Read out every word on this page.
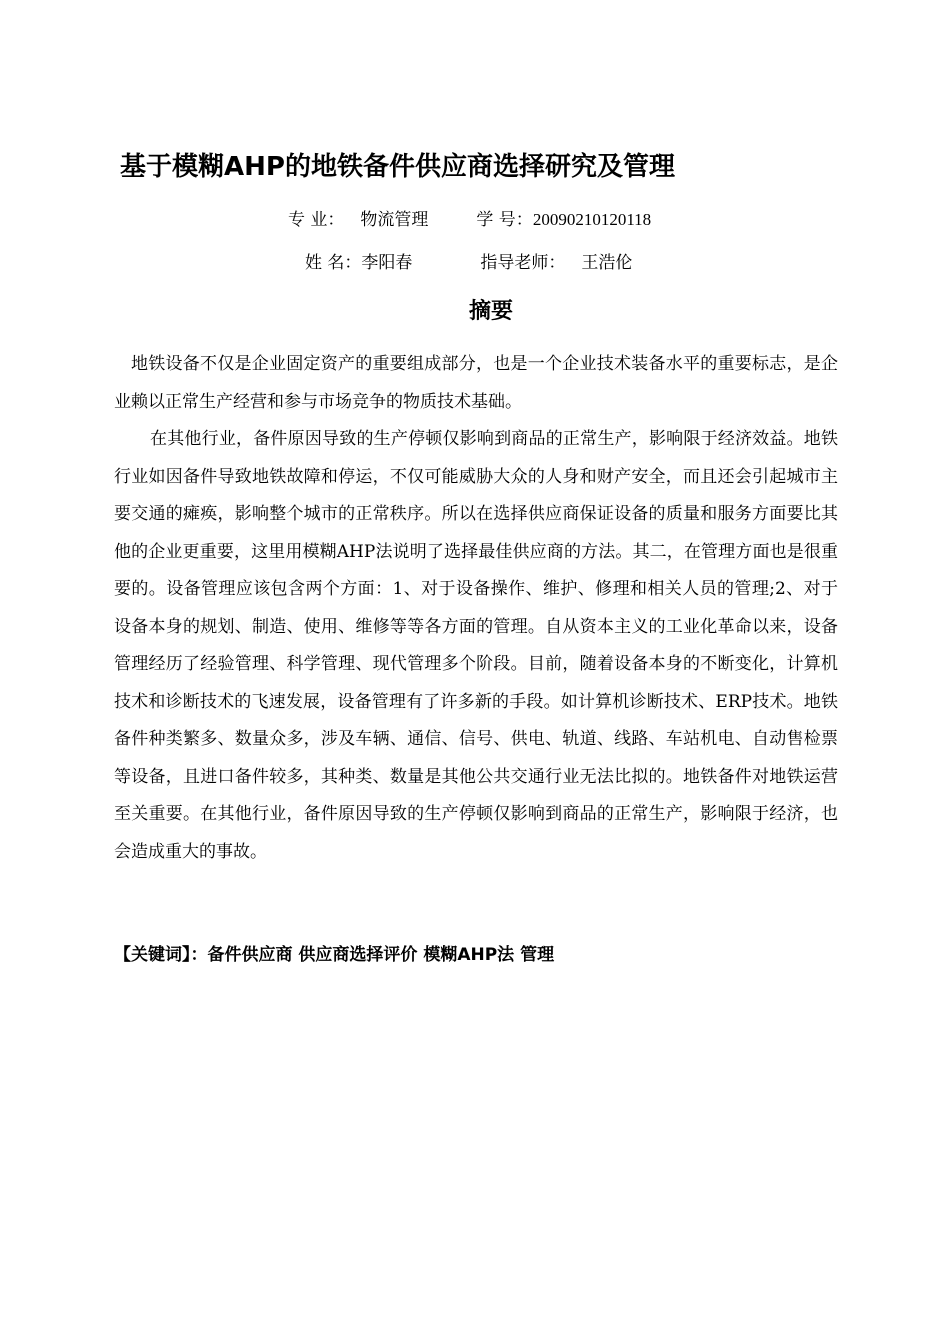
基于模糊AHP的地铁备件供应商选择研究及管理
专 业： 物流管理	学 号：20090210120118
姓 名：李阳春	指导老师： 王浩伦
摘要

地铁设备不仅是企业固定资产的重要组成部分，也是一个企业技术装备水平的重要标志，是企业赖以正常生产经营和参与市场竞争的物质技术基础。

在其他行业，备件原因导致的生产停顿仅影响到商品的正常生产，影响限于经济效益。地铁行业如因备件导致地铁故障和停运，不仅可能威胁大众的人身和财产安全，而且还会引起城市主要交通的瘫痪，影响整个城市的正常秩序。所以在选择供应商保证设备的质量和服务方面要比其他的企业更重要，这里用模糊AHP法说明了选择最佳供应商的方法。其二，在管理方面也是很重要的。设备管理应该包含两个方面：1、对于设备操作、维护、修理和相关人员的管理;2、对于设备本身的规划、制造、使用、维修等等各方面的管理。自从资本主义的工业化革命以来，设备管理经历了经验管理、科学管理、现代管理多个阶段。目前，随着设备本身的不断变化，计算机技术和诊断技术的飞速发展，设备管理有了许多新的手段。如计算机诊断技术、ERP技术。地铁备件种类繁多、数量众多，涉及车辆、通信、信号、供电、轨道、线路、车站机电、自动售检票等设备，且进口备件较多，其种类、数量是其他公共交通行业无法比拟的。地铁备件对地铁运营至关重要。在其他行业，备件原因导致的生产停顿仅影响到商品的正常生产，影响限于经济，也会造成重大的事故。

【关键词】：备件供应商 供应商选择评价 模糊AHP法 管理
